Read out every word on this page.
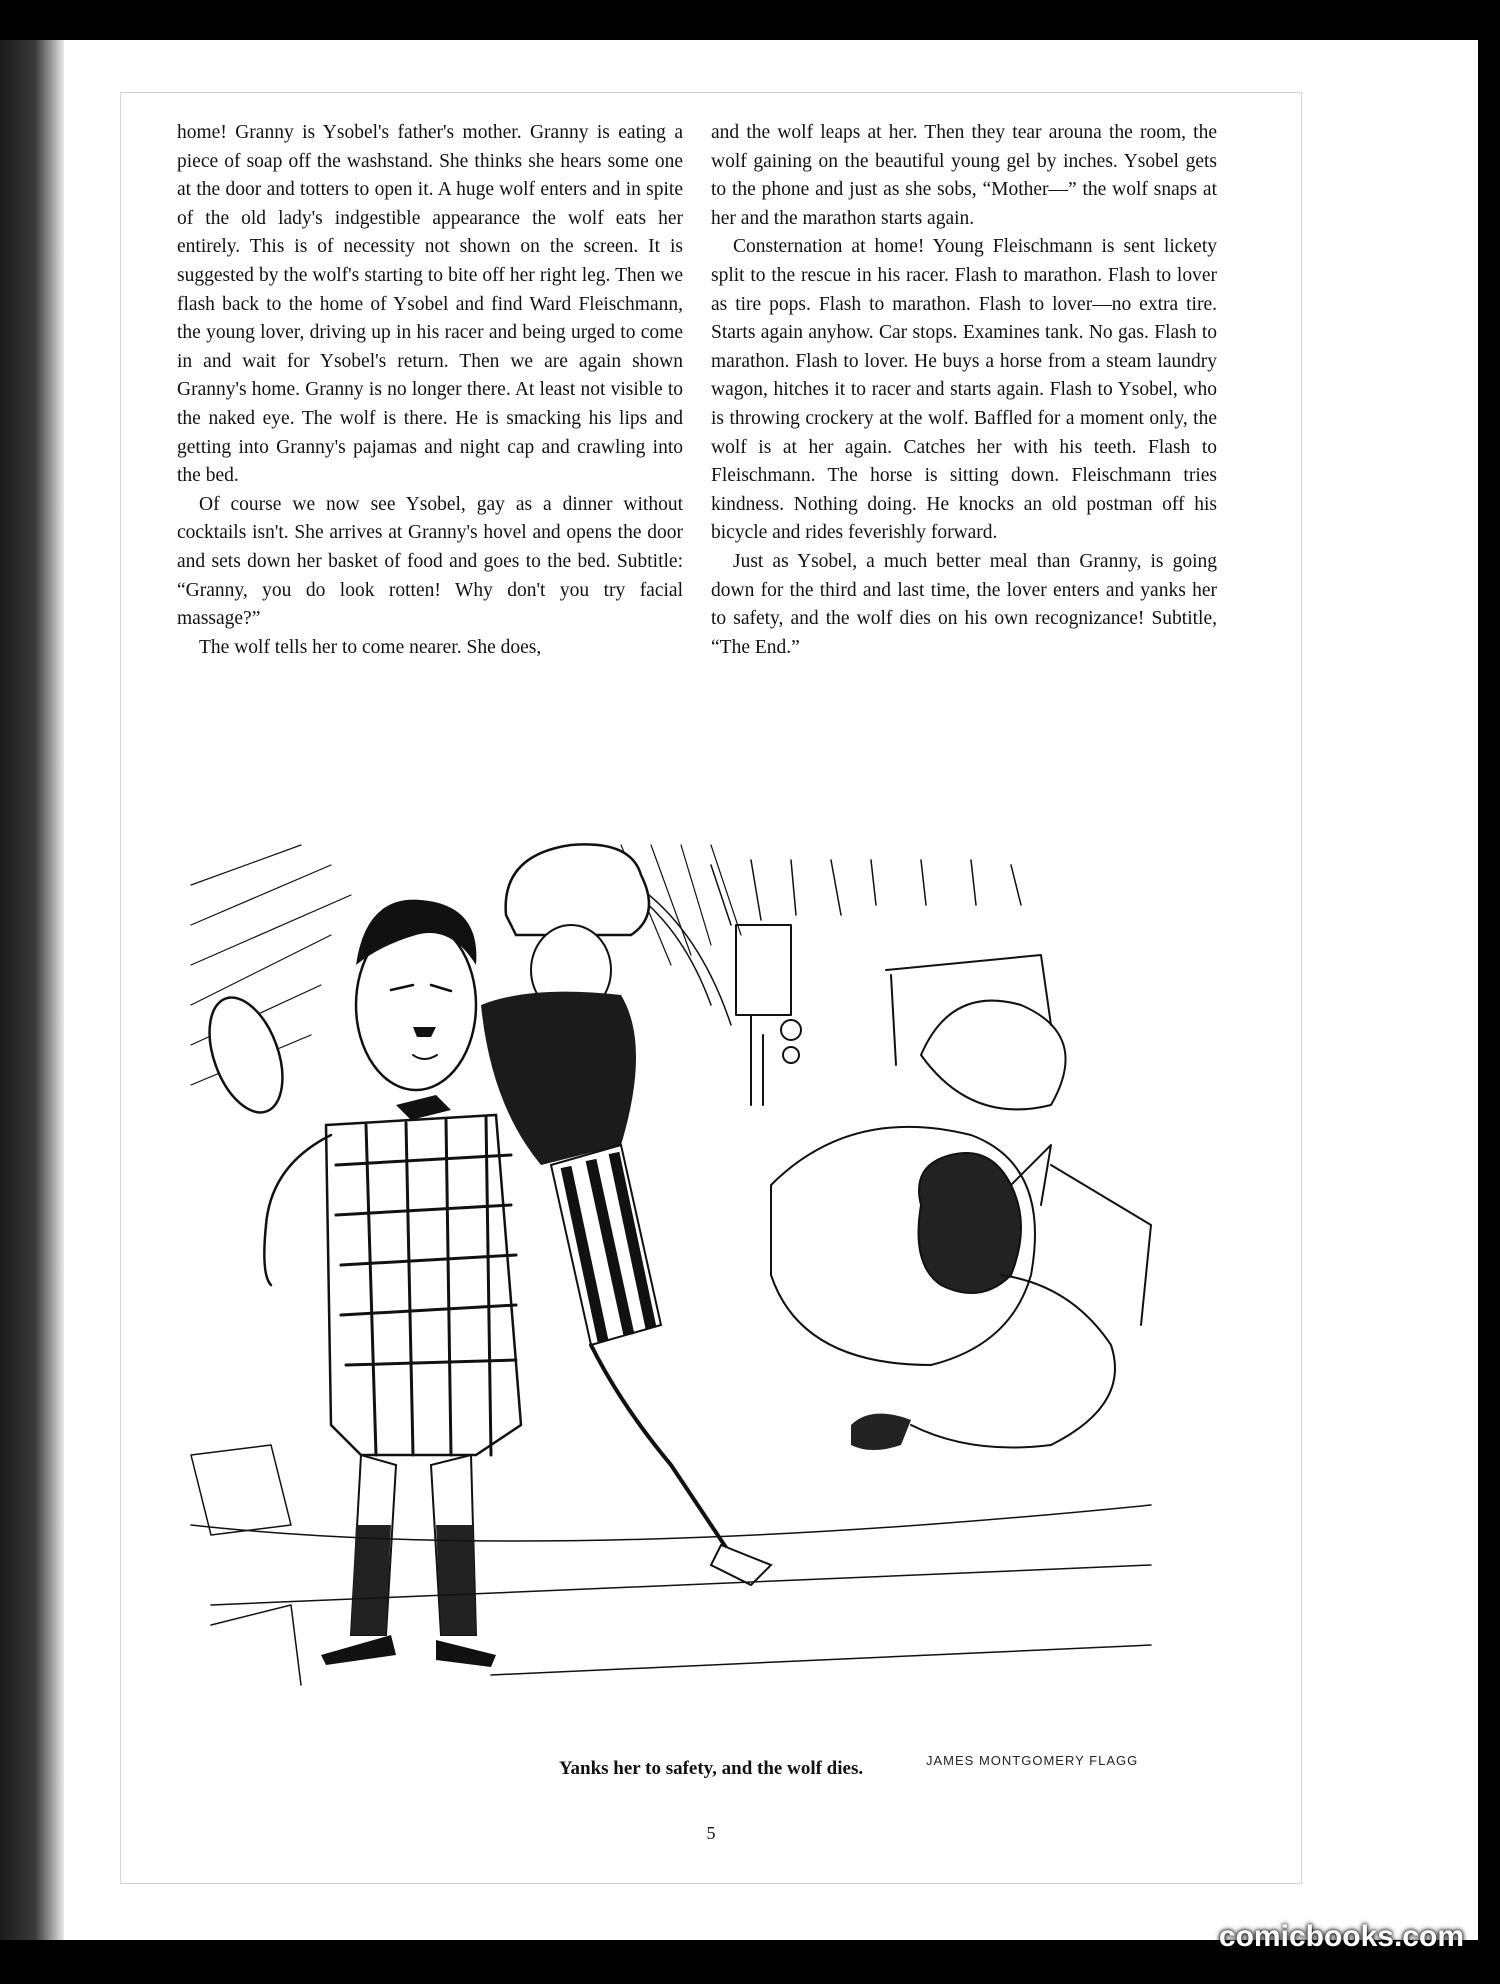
home! Granny is Ysobel's father's mother. Granny is eating a piece of soap off the washstand. She thinks she hears some one at the door and totters to open it. A huge wolf enters and in spite of the old lady's indgestible appearance the wolf eats her entirely. This is of necessity not shown on the screen. It is suggested by the wolf's starting to bite off her right leg. Then we flash back to the home of Ysobel and find Ward Fleischmann, the young lover, driving up in his racer and being urged to come in and wait for Ysobel's return. Then we are again shown Granny's home. Granny is no longer there. At least not visible to the naked eye. The wolf is there. He is smacking his lips and getting into Granny's pajamas and night cap and crawling into the bed.

Of course we now see Ysobel, gay as a dinner without cocktails isn't. She arrives at Granny's hovel and opens the door and sets down her basket of food and goes to the bed. Subtitle: “Granny, you do look rotten! Why don't you try facial massage?”

The wolf tells her to come nearer. She does,

and the wolf leaps at her. Then they tear arouna the room, the wolf gaining on the beautiful young gel by inches. Ysobel gets to the phone and just as she sobs, “Mother—” the wolf snaps at her and the marathon starts again.

Consternation at home! Young Fleischmann is sent lickety split to the rescue in his racer. Flash to marathon. Flash to lover as tire pops. Flash to marathon. Flash to lover—no extra tire. Starts again anyhow. Car stops. Examines tank. No gas. Flash to marathon. Flash to lover. He buys a horse from a steam laundry wagon, hitches it to racer and starts again. Flash to Ysobel, who is throwing crockery at the wolf. Baffled for a moment only, the wolf is at her again. Catches her with his teeth. Flash to Fleischmann. The horse is sitting down. Fleischmann tries kindness. Nothing doing. He knocks an old postman off his bicycle and rides feverishly forward.

Just as Ysobel, a much better meal than Granny, is going down for the third and last time, the lover enters and yanks her to safety, and the wolf dies on his own recognizance! Subtitle, “The End.”

Yanks her to safety, and the wolf dies.	JAMES MONTGOMERY FLAGG
5
comicbooks.com
